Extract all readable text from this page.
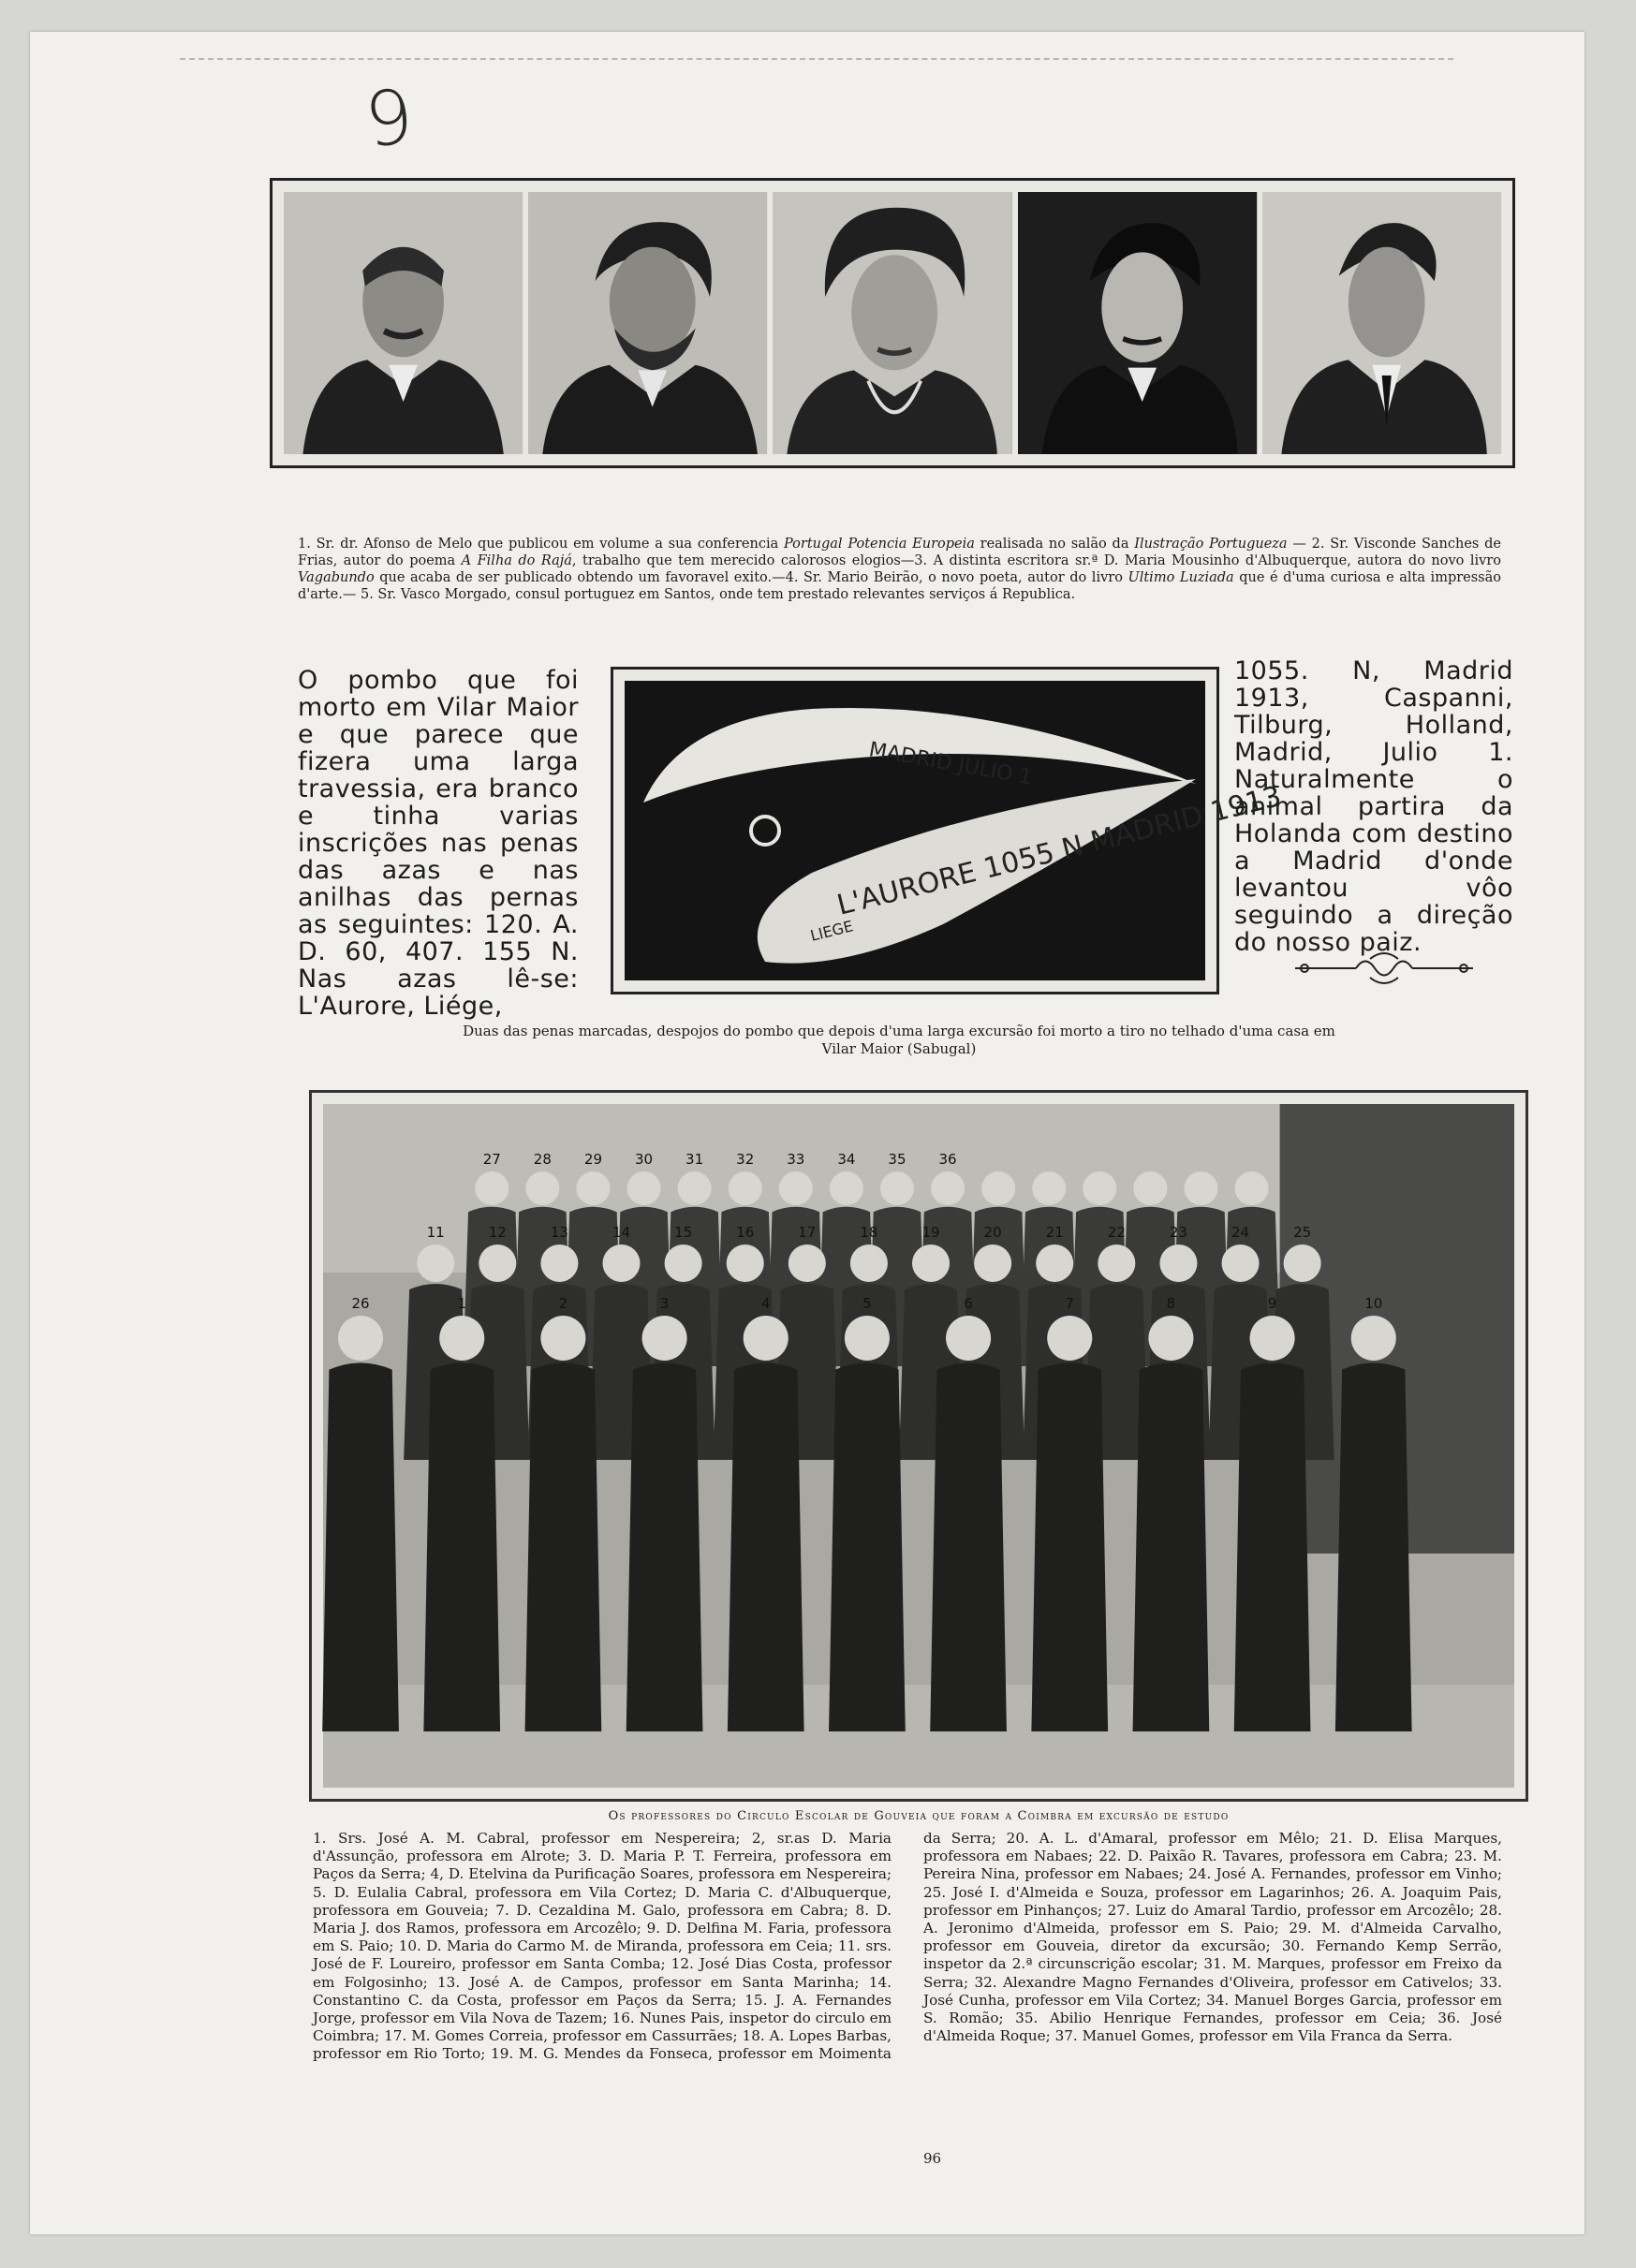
9
1. Sr. dr. Afonso de Melo que publicou em volume a sua conferencia Portugal Potencia Europeia realisada no salão da Ilustração Portugueza — 2. Sr. Visconde Sanches de Frias, autor do poema A Filha do Rajá, trabalho que tem merecido calorosos elogios—3. A distinta escritora sr.ª D. Maria Mousinho d'Albuquerque, autora do novo livro Vagabundo que acaba de ser publicado obtendo um favoravel exito.—4. Sr. Mario Beirão, o novo poeta, autor do livro Ultimo Luziada que é d'uma curiosa e alta impressão d'arte.— 5. Sr. Vasco Morgado, consul portuguez em Santos, onde tem prestado relevantes serviços á Republica.
O pombo que foi morto em Vilar Maior e que parece que fizera uma larga travessia, era branco e tinha varias inscrições nas penas das azas e nas anilhas das pernas as seguintes: 120. A. D. 60, 407. 155 N. Nas azas lê-se: L'Aurore, Liége,
MADRID JULIO 1
L'AURORE 1055 N MADRID 1913
LIEGE
1055. N, Madrid 1913, Caspanni, Tilburg, Holland, Madrid, Julio 1. Naturalmente o animal partira da Holanda com destino a Madrid d'onde levantou vôo seguindo a direção do nosso paiz.
Duas das penas marcadas, despojos do pombo que depois d'uma larga excursão foi morto a tiro no telhado d'uma casa em Vilar Maior (Sabugal)
1	2	3	4	5	6	7	8	9	10
11	12	13	14	15	16	17	18	19	20	21	22	23	24	25
26
27 28 29 30 31 32 33 34 35 36
Os professores do Circulo Escolar de Gouveia que foram a Coimbra em excursão de estudo
1. Srs. José A. M. Cabral, professor em Nespereira; 2, sr.as D. Maria d'Assunção, professora em Alrote; 3. D. Maria P. T. Ferreira, professora em Paços da Serra; 4, D. Etelvina da Purificação Soares, professora em Nespereira; 5. D. Eulalia Cabral, professora em Vila Cortez; D. Maria C. d'Albuquerque, professora em Gouveia; 7. D. Cezaldina M. Galo, professora em Cabra; 8. D. Maria J. dos Ramos, professora em Arcozêlo; 9. D. Delfina M. Faria, professora em S. Paio; 10. D. Maria do Carmo M. de Miranda, professora em Ceia; 11. srs. José de F. Loureiro, professor em Santa Comba; 12. José Dias Costa, professor em Folgosinho; 13. José A. de Campos, professor em Santa Marinha; 14. Constantino C. da Costa, professor em Paços da Serra; 15. J. A. Fernandes Jorge, professor em Vila Nova de Tazem; 16. Nunes Pais, inspetor do circulo em Coimbra; 17. M. Gomes Correia, professor em Cassurrães; 18. A. Lopes Barbas, professor em Rio Torto; 19. M. G. Mendes da Fonseca, professor em Moimenta da Serra; 20. A. L. d'Amaral, professor em Mêlo; 21. D. Elisa Marques, professora em Nabaes; 22. D. Paixão R. Tavares, professora em Cabra; 23. M. Pereira Nina, professor em Nabaes; 24. José A. Fernandes, professor em Vinho; 25. José I. d'Almeida e Souza, professor em Lagarinhos; 26. A. Joaquim Pais, professor em Pinhanços; 27. Luiz do Amaral Tardio, professor em Arcozêlo; 28. A. Jeronimo d'Almeida, professor em S. Paio; 29. M. d'Almeida Carvalho, professor em Gouveia, diretor da excursão; 30. Fernando Kemp Serrão, inspetor da 2.ª circunscrição escolar; 31. M. Marques, professor em Freixo da Serra; 32. Alexandre Magno Fernandes d'Oliveira, professor em Cativelos; 33. José Cunha, professor em Vila Cortez; 34. Manuel Borges Garcia, professor em S. Romão; 35. Abilio Henrique Fernandes, professor em Ceia; 36. José d'Almeida Roque; 37. Manuel Gomes, professor em Vila Franca da Serra.
96
